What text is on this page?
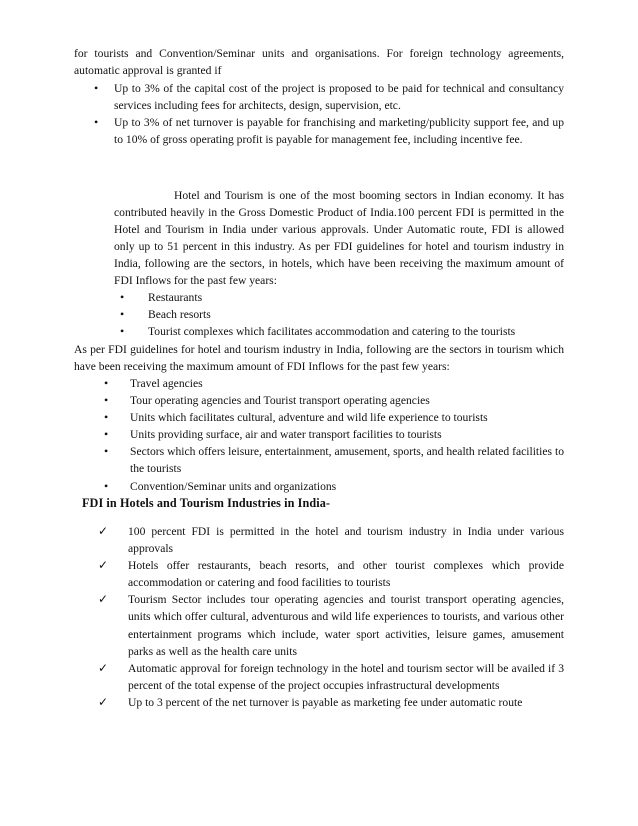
for tourists and Convention/Seminar units and organisations. For foreign technology agreements, automatic approval is granted if

• Up to 3% of the capital cost of the project is proposed to be paid for technical and consultancy services including fees for architects, design, supervision, etc.
• Up to 3% of net turnover is payable for franchising and marketing/publicity support fee, and up to 10% of gross operating profit is payable for management fee, including incentive fee.

Hotel and Tourism is one of the most booming sectors in Indian economy. It has contributed heavily in the Gross Domestic Product of India.100 percent FDI is permitted in the Hotel and Tourism in India under various approvals. Under Automatic route, FDI is allowed only up to 51 percent in this industry. As per FDI guidelines for hotel and tourism industry in India, following are the sectors, in hotels, which have been receiving the maximum amount of FDI Inflows for the past few years:

• Restaurants
• Beach resorts
• Tourist complexes which facilitates accommodation and catering to the tourists

As per FDI guidelines for hotel and tourism industry in India, following are the sectors in tourism which have been receiving the maximum amount of FDI Inflows for the past few years:

• Travel agencies
• Tour operating agencies and Tourist transport operating agencies
• Units which facilitates cultural, adventure and wild life experience to tourists
• Units providing surface, air and water transport facilities to tourists
• Sectors which offers leisure, entertainment, amusement, sports, and health related facilities to the tourists
• Convention/Seminar units and organizations
FDI in Hotels and Tourism Industries in India-
✓ 100 percent FDI is permitted in the hotel and tourism industry in India under various approvals
✓ Hotels offer restaurants, beach resorts, and other tourist complexes which provide accommodation or catering and food facilities to tourists
✓ Tourism Sector includes tour operating agencies and tourist transport operating agencies, units which offer cultural, adventurous and wild life experiences to tourists, and various other entertainment programs which include, water sport activities, leisure games, amusement parks as well as the health care units
✓ Automatic approval for foreign technology in the hotel and tourism sector will be availed if 3 percent of the total expense of the project occupies infrastructural developments
✓ Up to 3 percent of the net turnover is payable as marketing fee under automatic route
